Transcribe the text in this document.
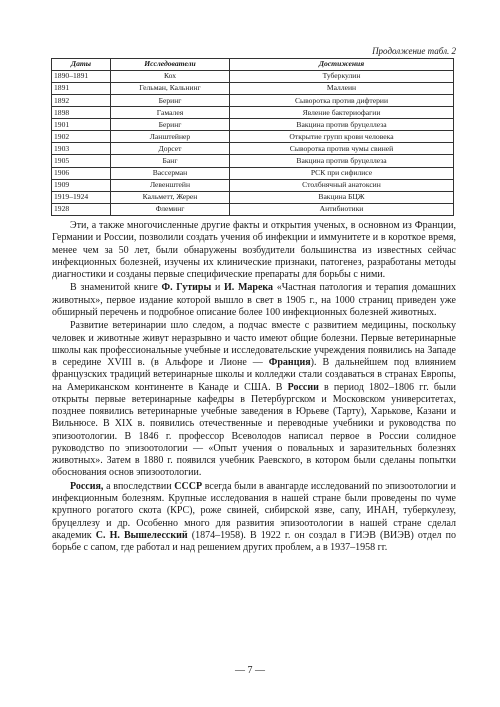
Продолжение табл. 2
Даты	Исследователи	Достижения
1890–1891	Кох	Туберкулин
1891	Гельман, Кальнинг	Маллеин
1892	Беринг	Сыворотка против дифтерии
1898	Гамалея	Явление бактериофагии
1901	Беринг	Вакцина против бруцеллеза
1902	Ланштейнер	Открытие групп крови человека
1903	Дорсет	Сыворотка против чумы свиней
1905	Банг	Вакцина против бруцеллеза
1906	Вассерман	РСК при сифилисе
1909	Левенштейн	Столбнячный анатоксин
1919–1924	Кальметт, Жерен	Вакцина БЦЖ
1928	Флеминг	Антибиотики

Эти, а также многочисленные другие факты и открытия ученых, в основном из Франции, Германии и России, позволили создать учения об инфекции и иммунитете и в короткое время, менее чем за 50 лет, были обнаружены возбудители большинства из известных сейчас инфекционных болезней, изучены их клинические признаки, патогенез, разработаны методы диагностики и созданы первые специфические препараты для борьбы с ними.

В знаменитой книге Ф. Гутиры и И. Марека «Частная патология и терапия домашних животных», первое издание которой вышло в свет в 1905 г., на 1000 страниц приведен уже обширный перечень и подробное описание более 100 инфекционных болезней животных.

Развитие ветеринарии шло следом, а подчас вместе с развитием медицины, поскольку человек и животные живут неразрывно и часто имеют общие болезни. Первые ветеринарные школы как профессиональные учебные и исследовательские учреждения появились на Западе в середине XVIII в. (в Альфоре и Лионе — Франция). В дальнейшем под влиянием французских традиций ветеринарные школы и колледжи стали создаваться в странах Европы, на Американском континенте в Канаде и США. В России в период 1802–1806 гг. были открыты первые ветеринарные кафедры в Петербургском и Московском университетах, позднее появились ветеринарные учебные заведения в Юрьеве (Тарту), Харькове, Казани и Вильнюсе. В XIX в. появились отечественные и переводные учебники и руководства по эпизоотологии. В 1846 г. профессор Всеволодов написал первое в России солидное руководство по эпизоотологии — «Опыт учения о повальных и заразительных болезнях животных». Затем в 1880 г. появился учебник Раевского, в котором были сделаны попытки обоснования основ эпизоотологии.

Россия, а впоследствии СССР всегда были в авангарде исследований по эпизоотологии и инфекционным болезням. Крупные исследования в нашей стране были проведены по чуме крупного рогатого скота (КРС), роже свиней, сибирской язве, сапу, ИНАН, туберкулезу, бруцеллезу и др. Особенно много для развития эпизоотологии в нашей стране сделал академик С. Н. Вышелесский (1874–1958). В 1922 г. он создал в ГИЭВ (ВИЭВ) отдел по борьбе с сапом, где работал и над решением других проблем, а в 1937–1958 гг.

— 7 —
